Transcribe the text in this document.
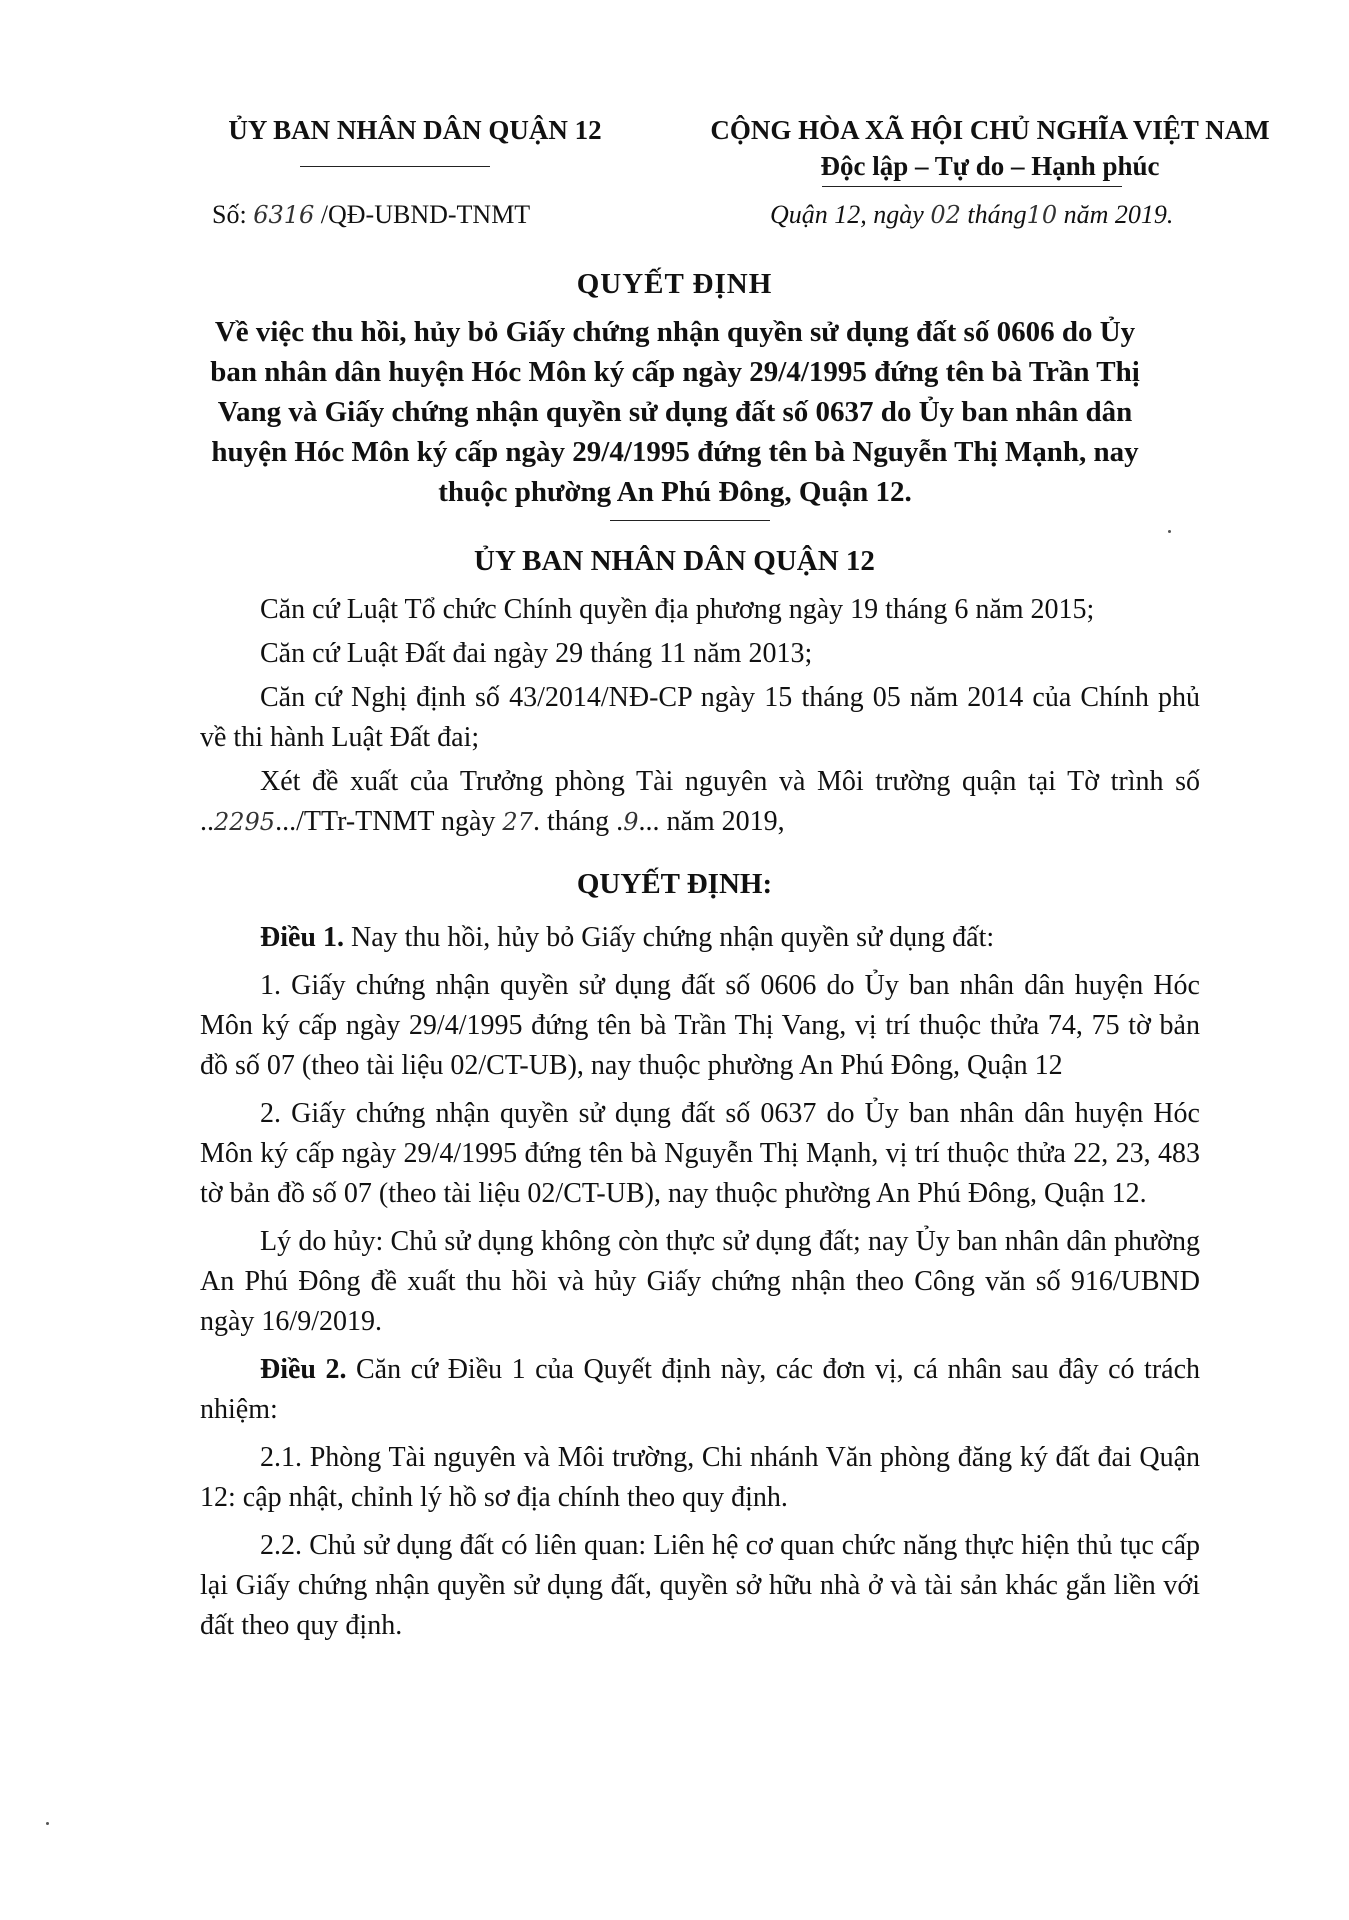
ỦY BAN NHÂN DÂN QUẬN 12	CỘNG HÒA XÃ HỘI CHỦ NGHĨA VIỆT NAM
Độc lập – Tự do – Hạnh phúc
Số: 6316 /QĐ-UBND-TNMT	Quận 12, ngày 02 tháng10 năm 2019.
QUYẾT ĐỊNH
Về việc thu hồi, hủy bỏ Giấy chứng nhận quyền sử dụng đất số 0606 do Ủy ban nhân dân huyện Hóc Môn ký cấp ngày 29/4/1995 đứng tên bà Trần Thị Vang và Giấy chứng nhận quyền sử dụng đất số 0637 do Ủy ban nhân dân huyện Hóc Môn ký cấp ngày 29/4/1995 đứng tên bà Nguyễn Thị Mạnh, nay thuộc phường An Phú Đông, Quận 12.
ỦY BAN NHÂN DÂN QUẬN 12

Căn cứ Luật Tổ chức Chính quyền địa phương ngày 19 tháng 6 năm 2015;

Căn cứ Luật Đất đai ngày 29 tháng 11 năm 2013;

Căn cứ Nghị định số 43/2014/NĐ-CP ngày 15 tháng 05 năm 2014 của Chính phủ về thi hành Luật Đất đai;

Xét đề xuất của Trưởng phòng Tài nguyên và Môi trường quận tại Tờ trình số ..2295.../TTr-TNMT ngày 27. tháng .9... năm 2019,

QUYẾT ĐỊNH:

Điều 1. Nay thu hồi, hủy bỏ Giấy chứng nhận quyền sử dụng đất:

1. Giấy chứng nhận quyền sử dụng đất số 0606 do Ủy ban nhân dân huyện Hóc Môn ký cấp ngày 29/4/1995 đứng tên bà Trần Thị Vang, vị trí thuộc thửa 74, 75 tờ bản đồ số 07 (theo tài liệu 02/CT-UB), nay thuộc phường An Phú Đông, Quận 12

2. Giấy chứng nhận quyền sử dụng đất số 0637 do Ủy ban nhân dân huyện Hóc Môn ký cấp ngày 29/4/1995 đứng tên bà Nguyễn Thị Mạnh, vị trí thuộc thửa 22, 23, 483 tờ bản đồ số 07 (theo tài liệu 02/CT-UB), nay thuộc phường An Phú Đông, Quận 12.

Lý do hủy: Chủ sử dụng không còn thực sử dụng đất; nay Ủy ban nhân dân phường An Phú Đông đề xuất thu hồi và hủy Giấy chứng nhận theo Công văn số 916/UBND ngày 16/9/2019.

Điều 2. Căn cứ Điều 1 của Quyết định này, các đơn vị, cá nhân sau đây có trách nhiệm:

2.1. Phòng Tài nguyên và Môi trường, Chi nhánh Văn phòng đăng ký đất đai Quận 12: cập nhật, chỉnh lý hồ sơ địa chính theo quy định.

2.2. Chủ sử dụng đất có liên quan: Liên hệ cơ quan chức năng thực hiện thủ tục cấp lại Giấy chứng nhận quyền sử dụng đất, quyền sở hữu nhà ở và tài sản khác gắn liền với đất theo quy định.
